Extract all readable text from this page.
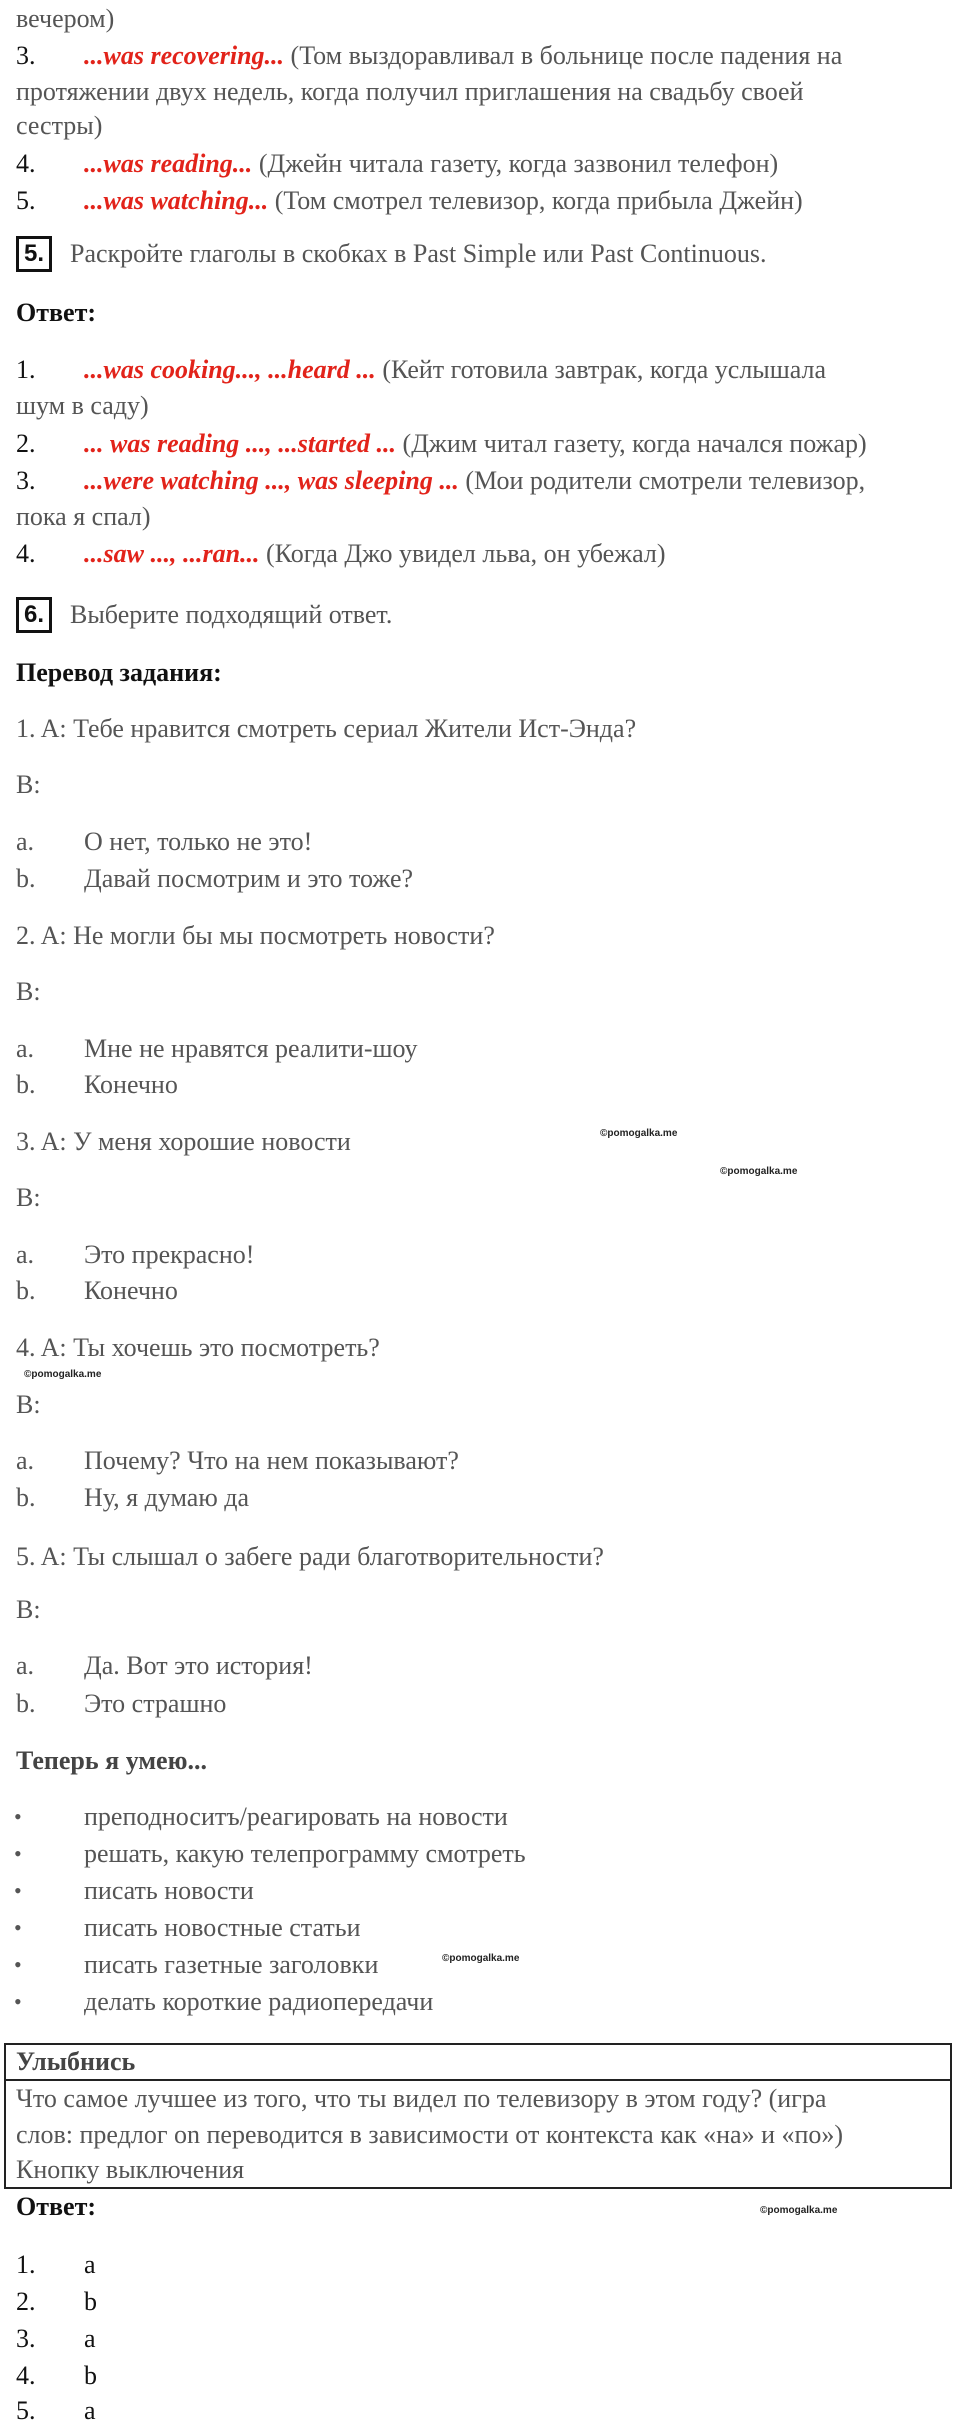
вечером)
3. ...was recovering... (Том выздоравливал в больнице после падения на
протяжении двух недель, когда получил приглашения на свадьбу своей
сестры)
4. ...was reading... (Джейн читала газету, когда зазвонил телефон)
5. ...was watching... (Том смотрел телевизор, когда прибыла Джейн)
5.	Раскройте глаголы в скобках в Past Simple или Past Continuous.
Ответ:
1. ...was cooking..., ...heard ... (Кейт готовила завтрак, когда услышала
шум в саду)
2. ... was reading ..., ...started ... (Джим читал газету, когда начался пожар)
3. ...were watching ..., was sleeping ... (Мои родители смотрели телевизор,
пока я спал)
4. ...saw ..., ...ran... (Когда Джо увидел льва, он убежал)
6.	Выберите подходящий ответ.
Перевод задания:
1. A: Тебе нравится смотреть сериал Жители Ист-Энда?
B:
a. О нет, только не это!
b. Давай посмотрим и это тоже?
2. A: Не могли бы мы посмотреть новости?
B:
a. Мне не нравятся реалити-шоу
b. Конечно
3. A: У меня хорошие новости	©pomogalka.me
©pomogalka.me
B:
a. Это прекрасно!
b. Конечно
4. A: Ты хочешь это посмотреть?
©pomogalka.me
B:
a. Почему? Что на нем показывают?
b. Ну, я думаю да
5. A: Ты слышал о забеге ради благотворительности?
B:
a. Да. Вот это история!
b. Это страшно
Теперь я умею...
• преподноситъ/реагировать на новости
• решать, какую телепрограмму смотреть
• писать новости
• писать новостные статьи
• писать газетные заголовки	©pomogalka.me
• делать короткие радиопередачи
Улыбнись
Что самое лучшее из того, что ты видел по телевизору в этом году? (игра
слов: предлог on переводится в зависимости от контекста как «на» и «по»)
Кнопку выключения
Ответ:	©pomogalka.me
1. a
2. b
3. a
4. b
5. a
